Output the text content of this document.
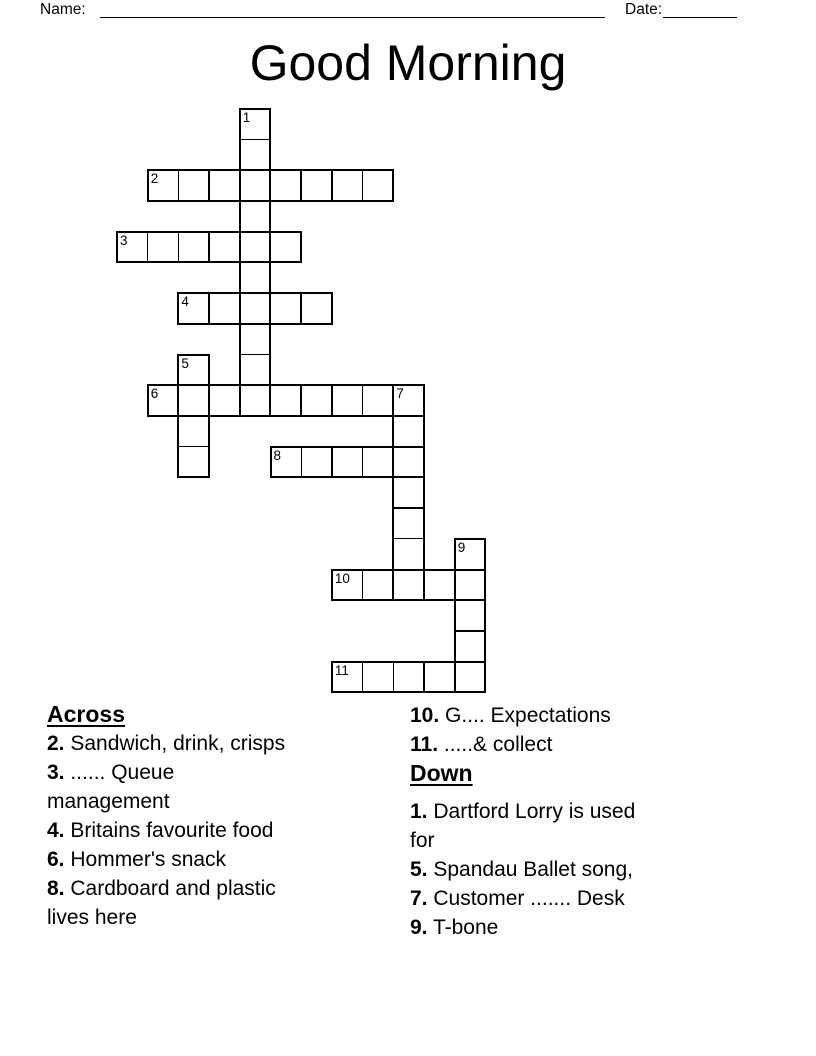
Name:	Date:
Good Morning
1
2
3
4
5
6	7
8
9
10
11
Across
2. Sandwich, drink, crisps
3. ...... Queue
management
4. Britains favourite food
6. Hommer's snack
8. Cardboard and plastic
lives here
10. G.... Expectations
11. .....& collect
Down
1. Dartford Lorry is used
for
5. Spandau Ballet song,
7. Customer ....... Desk
9. T-bone
